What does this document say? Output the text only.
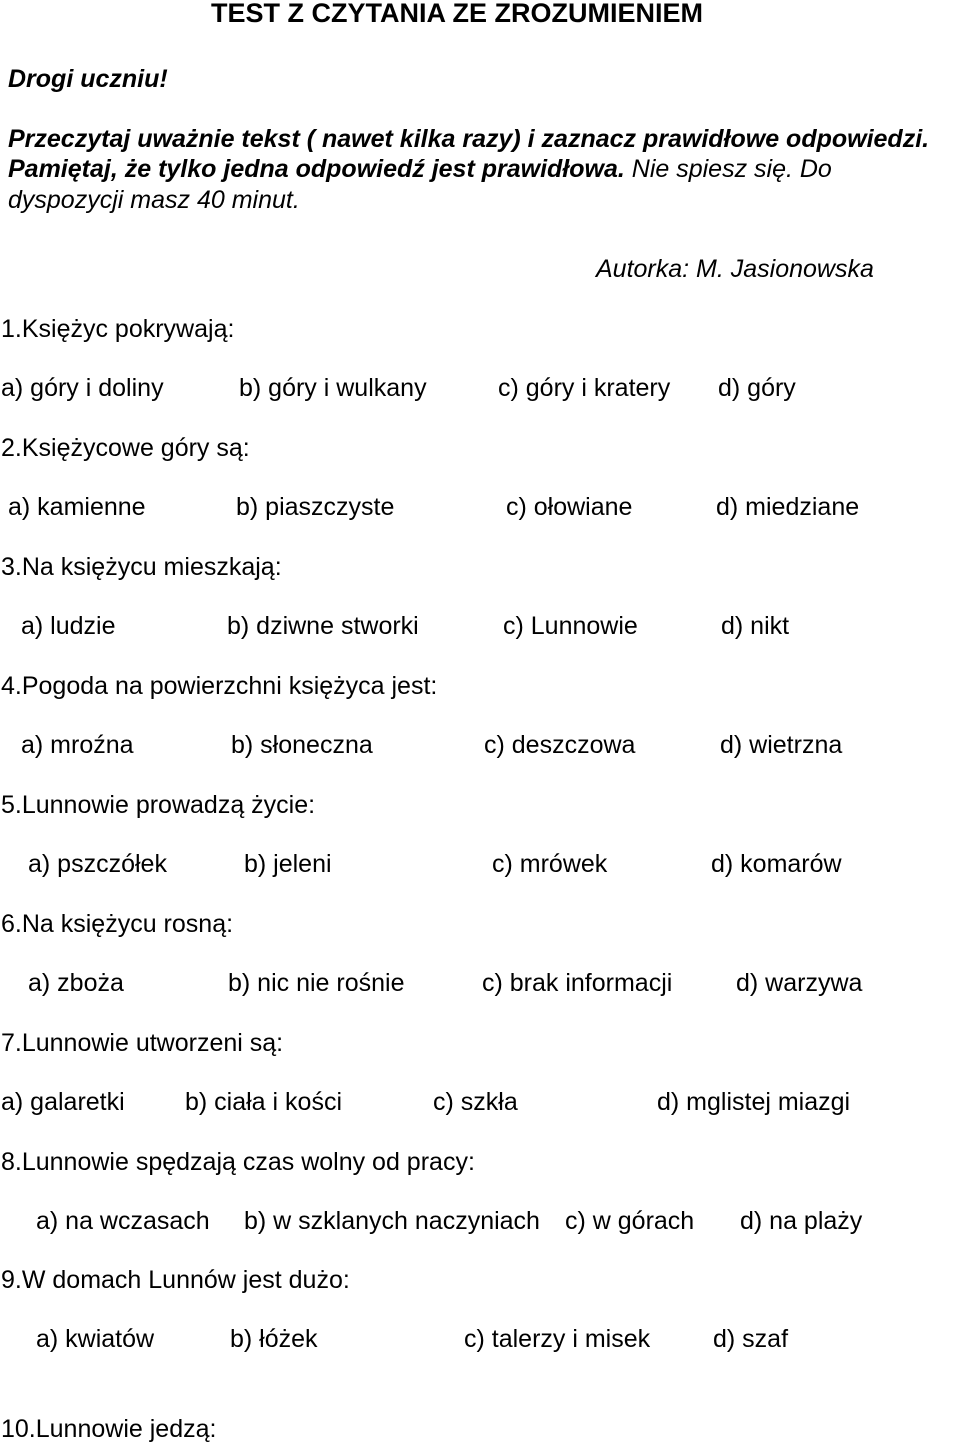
TEST Z CZYTANIA ZE ZROZUMIENIEM
Drogi uczniu!
Przeczytaj uważnie tekst ( nawet kilka razy) i zaznacz prawidłowe odpowiedzi.
Pamiętaj, że tylko jedna odpowiedź jest prawidłowa. Nie spiesz się. Do
dyspozycji masz 40 minut.
Autorka: M. Jasionowska
1.Księżyc pokrywają:
a) góry i doliny	b) góry i wulkany	c) góry i kratery d) góry
2.Księżycowe góry są:
a) kamienne	b) piaszczyste	c) ołowiane	d) miedziane
3.Na księżycu mieszkają:
a) ludzie	b) dziwne stworki	c) Lunnowie	d) nikt
4.Pogoda na powierzchni księżyca jest:
a) mroźna	b) słoneczna	c) deszczowa	d) wietrzna
5.Lunnowie prowadzą życie:
a) pszczółek	b) jeleni	c) mrówek	d) komarów
6.Na księżycu rosną:
a) zboża	b) nic nie rośnie	c) brak informacji	d) warzywa
7.Lunnowie utworzeni są:
a) galaretki b) ciała i kości	c) szkła	d) mglistej miazgi
8.Lunnowie spędzają czas wolny od pracy:
a) na wczasach b) w szklanych naczyniach c) w górach d) na plaży
9.W domach Lunnów jest dużo:
a) kwiatów	b) łóżek	c) talerzy i misek	d) szaf
10.Lunnowie jedzą:
